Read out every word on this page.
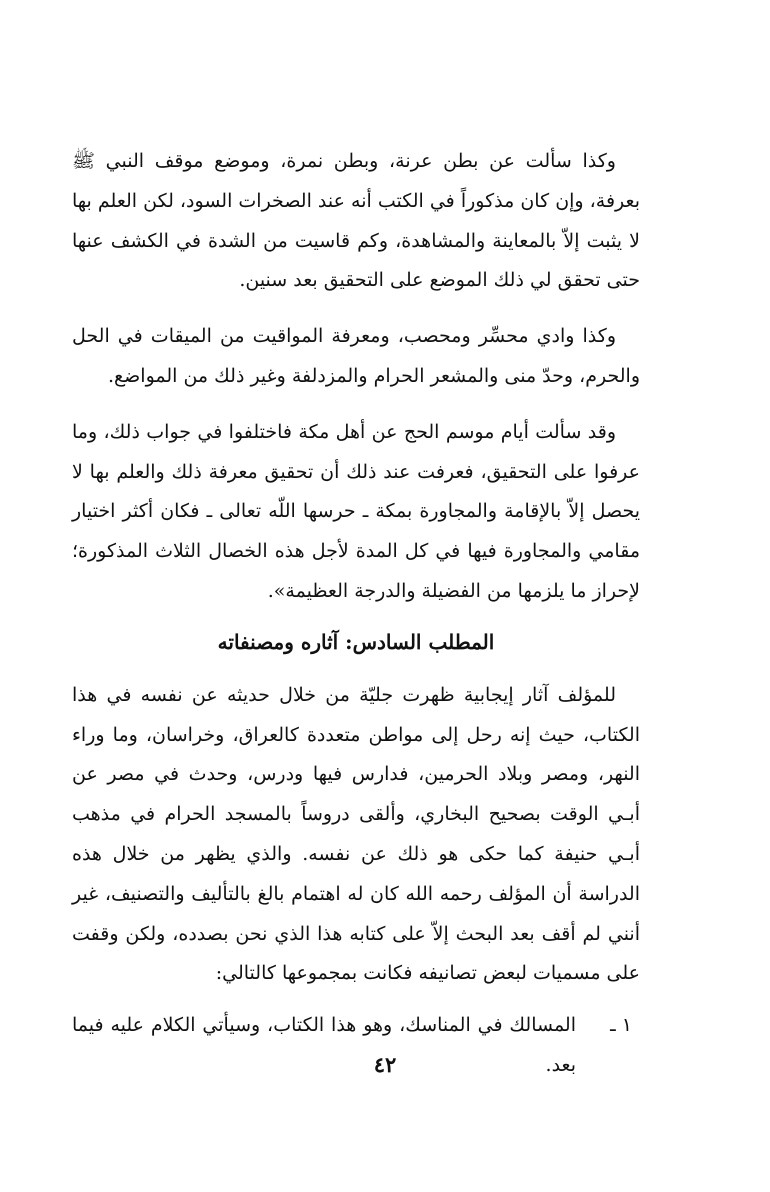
وكذا سألت عن بطن عرنة، وبطن نمرة، وموضع موقف النبي ﷺ بعرفة، وإن كان مذكوراً في الكتب أنه عند الصخرات السود، لكن العلم بها لا يثبت إلاّ بالمعاينة والمشاهدة، وكم قاسيت من الشدة في الكشف عنها حتى تحقق لي ذلك الموضع على التحقيق بعد سنين.

وكذا وادي محسِّر ومحصب، ومعرفة المواقيت من الميقات في الحل والحرم، وحدّ منى والمشعر الحرام والمزدلفة وغير ذلك من المواضع.

وقد سألت أيام موسم الحج عن أهل مكة فاختلفوا في جواب ذلك، وما عرفوا على التحقيق، فعرفت عند ذلك أن تحقيق معرفة ذلك والعلم بها لا يحصل إلاّ بالإقامة والمجاورة بمكة ـ حرسها اللّه تعالى ـ فكان أكثر اختيار مقامي والمجاورة فيها في كل المدة لأجل هذه الخصال الثلاث المذكورة؛ لإحراز ما يلزمها من الفضيلة والدرجة العظيمة».

المطلب السادس: آثاره ومصنفاته

للمؤلف آثار إيجابية ظهرت جليّة من خلال حديثه عن نفسه في هذا الكتاب، حيث إنه رحل إلى مواطن متعددة كالعراق، وخراسان، وما وراء النهر، ومصر وبلاد الحرمين، فدارس فيها ودرس، وحدث في مصر عن أبـي الوقت بصحيح البخاري، وألقى دروساً بالمسجد الحرام في مذهب أبـي حنيفة كما حكى هو ذلك عن نفسه. والذي يظهر من خلال هذه الدراسة أن المؤلف رحمه الله كان له اهتمام بالغ بالتأليف والتصنيف، غير أنني لم أقف بعد البحث إلاّ على كتابه هذا الذي نحن بصدده، ولكن وقفت على مسميات لبعض تصانيفه فكانت بمجموعها كالتالي:

١ ـ
المسالك في المناسك، وهو هذا الكتاب، وسيأتي الكلام عليه فيما بعد.
٤٢
